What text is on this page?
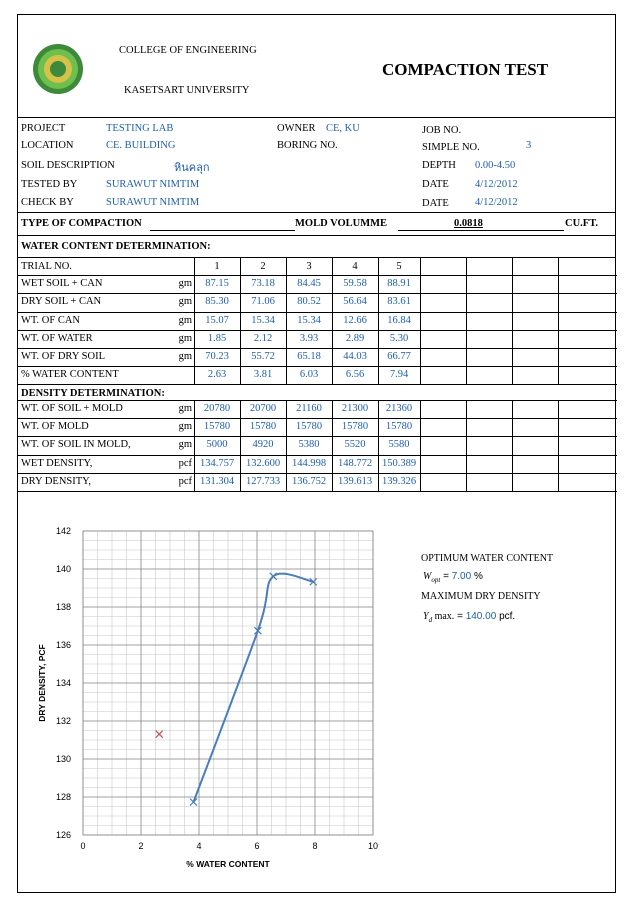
COLLEGE OF ENGINEERING
KASETSART UNIVERSITY
COMPACTION TEST
PROJECT	TESTING LAB	OWNER CE, KU	JOB NO.
LOCATION	CE. BUILDING	BORING NO.	SIMPLE NO.	3
SOIL DESCRIPTION	หินคลุก	DEPTH 0.00-4.50
TESTED BY	SURAWUT NIMTIM	DATE 4/12/2012
CHECK BY	SURAWUT NIMTIM	DATE 4/12/2012
TYPE OF COMPACTION	MOLD VOLUMME	0.0818	CU.FT.
WATER CONTENT DETERMINATION:
TRIAL NO.
DENSITY DETERMINATION:
0	2	4	6	8	10
126
128
130
132
134
136
138
140
142
% WATER CONTENT
DRY DENSITY, PCF
OPTIMUM WATER CONTENT
$W_{opt} = 7.00$ %
MAXIMUM DRY DENSITY
$Y_d$ max. = 140.00 pcf.
1	2	3	4	5
WET SOIL + CAN	gm	87.15	73.18	84.45	59.58	88.91
DRY SOIL + CAN	gm	85.30	71.06	80.52	56.64	83.61
WT. OF CAN	gm	15.07	15.34	15.34	12.66	16.84
WT. OF WATER	gm	1.85	2.12	3.93	2.89	5.30
WT. OF DRY SOIL	gm	70.23	55.72	65.18	44.03	66.77
% WATER CONTENT	2.63	3.81	6.03	6.56	7.94
WT. OF SOIL + MOLD	gm	20780	20700	21160	21300	21360
WT. OF MOLD	gm	15780	15780	15780	15780	15780
WT. OF SOIL IN MOLD,	gm	5000	4920	5380	5520	5580
WET DENSITY,	pcf 134.757	132.600	144.998	148.772 150.389
DRY DENSITY,	pcf 131.304	127.733	136.752	139.613 139.326
